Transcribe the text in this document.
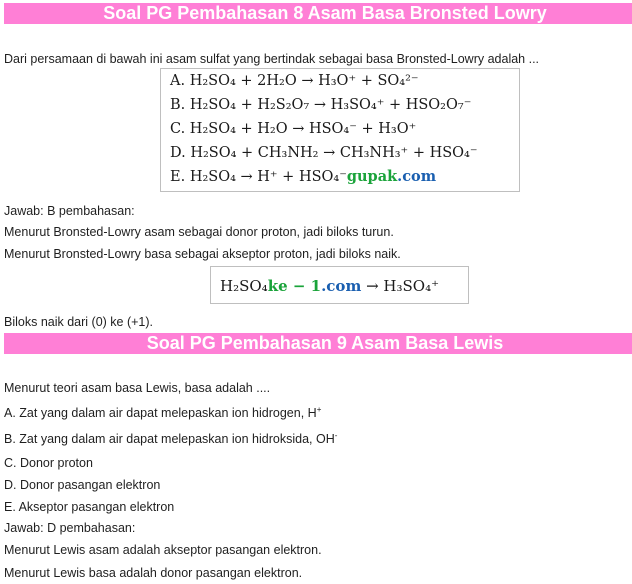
Soal PG Pembahasan 8 Asam Basa Bronsted Lowry
Dari persamaan di bawah ini asam sulfat yang bertindak sebagai basa Bronsted-Lowry adalah ...
A. H₂SO₄ + 2H₂O → H₃O⁺ + SO₄²⁻
B. H₂SO₄ + H₂S₂O₇ → H₃SO₄⁺ + HSO₂O₇⁻
C. H₂SO₄ + H₂O → HSO₄⁻ + H₃O⁺
D. H₂SO₄ + CH₃NH₂ → CH₃NH₃⁺ + HSO₄⁻
E. H₂SO₄ → H⁺ + HSO₄⁻gupak.com
Jawab: B pembahasan:
Menurut Bronsted-Lowry asam sebagai donor proton, jadi biloks turun.
Menurut Bronsted-Lowry basa sebagai akseptor proton, jadi biloks naik.
H₂SO₄ke − 1.com → H₃SO₄⁺
Biloks naik dari (0) ke (+1).
Soal PG Pembahasan 9 Asam Basa Lewis
Menurut teori asam basa Lewis, basa adalah ....
A. Zat yang dalam air dapat melepaskan ion hidrogen, H+
B. Zat yang dalam air dapat melepaskan ion hidroksida, OH-
C. Donor proton
D. Donor pasangan elektron
E. Akseptor pasangan elektron
Jawab: D pembahasan:
Menurut Lewis asam adalah akseptor pasangan elektron.
Menurut Lewis basa adalah donor pasangan elektron.
